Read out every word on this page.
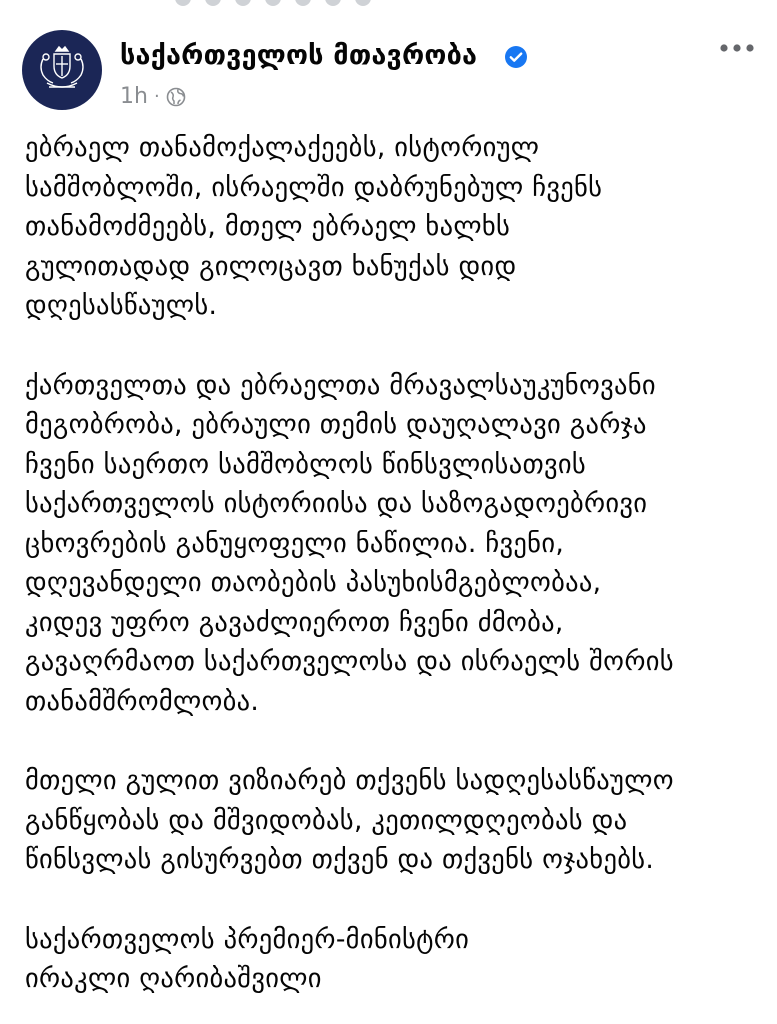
საქართველოს მთავრობა
1h ·

ებრაელ თანამოქალაქეებს, ისტორიულ
სამშობლოში, ისრაელში დაბრუნებულ ჩვენს
თანამოძმეებს, მთელ ებრაელ ხალხს
გულითადად გილოცავთ ხანუქას დიდ
დღესასწაულს.

ქართველთა და ებრაელთა მრავალსაუკუნოვანი
მეგობრობა, ებრაული თემის დაუღალავი გარჯა
ჩვენი საერთო სამშობლოს წინსვლისათვის
საქართველოს ისტორიისა და საზოგადოებრივი
ცხოვრების განუყოფელი ნაწილია. ჩვენი,
დღევანდელი თაობების პასუხისმგებლობაა,
კიდევ უფრო გავაძლიეროთ ჩვენი ძმობა,
გავაღრმაოთ საქართველოსა და ისრაელს შორის
თანამშრომლობა.

მთელი გულით ვიზიარებ თქვენს სადღესასწაულო
განწყობას და მშვიდობას, კეთილდღეობას და
წინსვლას გისურვებთ თქვენ და თქვენს ოჯახებს.

საქართველოს პრემიერ-მინისტრი
ირაკლი ღარიბაშვილი
